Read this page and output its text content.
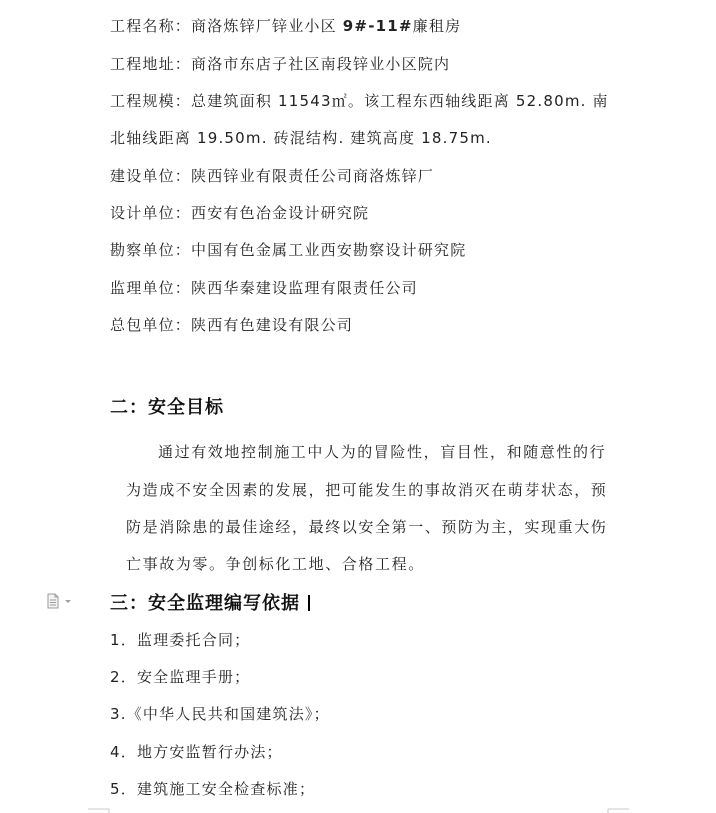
工程名称：商洛炼锌厂锌业小区 9#-11#廉租房
工程地址：商洛市东店子社区南段锌业小区院内
工程规模：总建筑面积 11543㎡。该工程东西轴线距离 52.80m. 南
北轴线距离 19.50m. 砖混结构. 建筑高度 18.75m.
建设单位：陕西锌业有限责任公司商洛炼锌厂
设计单位：西安有色冶金设计研究院
勘察单位：中国有色金属工业西安勘察设计研究院
监理单位：陕西华秦建设监理有限责任公司
总包单位：陕西有色建设有限公司
二：安全目标
通过有效地控制施工中人为的冒险性，盲目性，和随意性的行
为造成不安全因素的发展，把可能发生的事故消灭在萌芽状态，预
防是消除患的最佳途经，最终以安全第一、预防为主，实现重大伤
亡事故为零。争创标化工地、合格工程。
三：安全监理编写依据
1．监理委托合同；
2．安全监理手册；
3.《中华人民共和国建筑法》；
4．地方安监暂行办法；
5．建筑施工安全检查标准；
